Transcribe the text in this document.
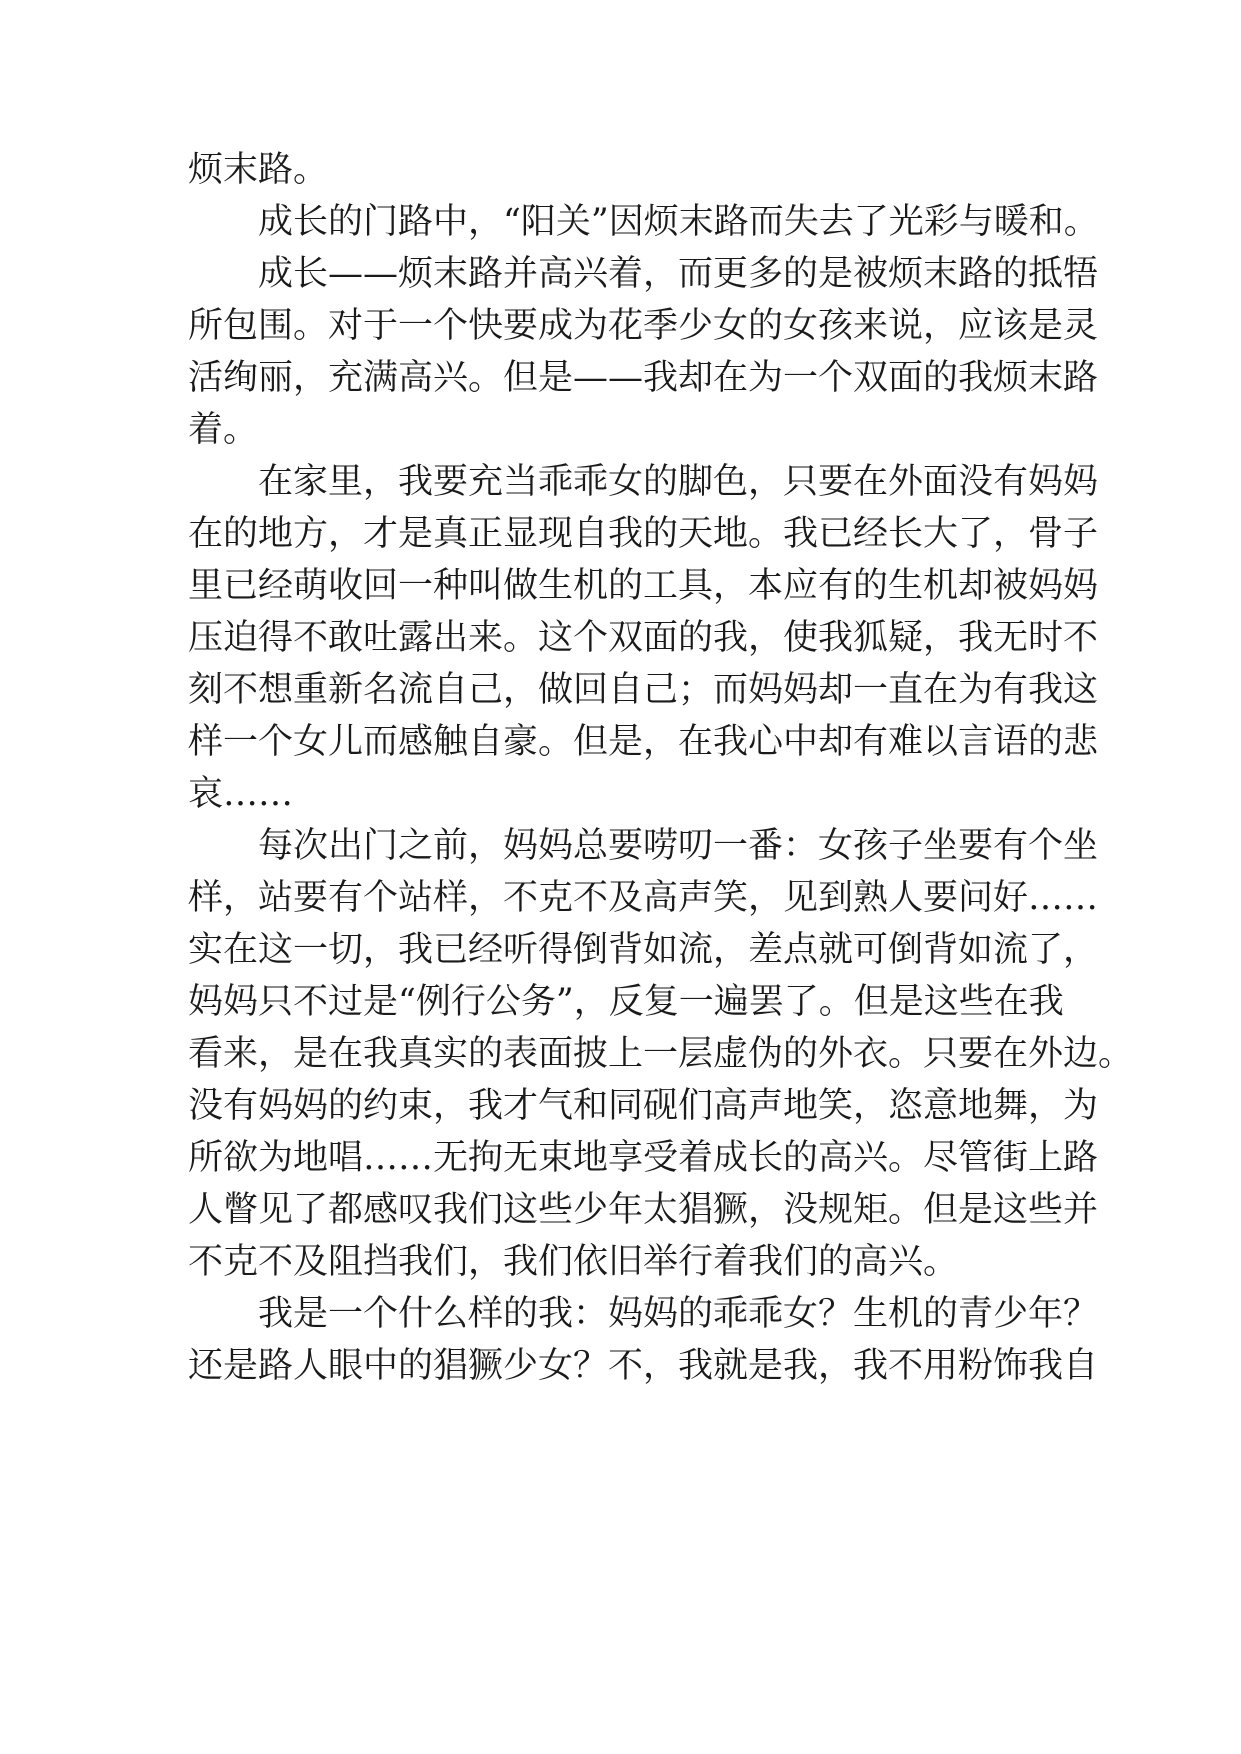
烦末路。
成长的门路中，“阳关”因烦末路而失去了光彩与暖和。
成长——烦末路并高兴着，而更多的是被烦末路的抵牾
所包围。对于一个快要成为花季少女的女孩来说，应该是灵
活绚丽，充满高兴。但是——我却在为一个双面的我烦末路
着。
在家里，我要充当乖乖女的脚色，只要在外面没有妈妈
在的地方，才是真正显现自我的天地。我已经长大了，骨子
里已经萌收回一种叫做生机的工具，本应有的生机却被妈妈
压迫得不敢吐露出来。这个双面的我，使我狐疑，我无时不
刻不想重新名流自己，做回自己；而妈妈却一直在为有我这
样一个女儿而感触自豪。但是，在我心中却有难以言语的悲
哀……
每次出门之前，妈妈总要唠叨一番：女孩子坐要有个坐
样，站要有个站样，不克不及高声笑，见到熟人要问好……
实在这一切，我已经听得倒背如流，差点就可倒背如流了，
妈妈只不过是“例行公务”，反复一遍罢了。但是这些在我
看来，是在我真实的表面披上一层虚伪的外衣。只要在外边。
没有妈妈的约束，我才气和同砚们高声地笑，恣意地舞，为
所欲为地唱……无拘无束地享受着成长的高兴。尽管街上路
人瞥见了都感叹我们这些少年太猖獗，没规矩。但是这些并
不克不及阻挡我们，我们依旧举行着我们的高兴。
我是一个什么样的我：妈妈的乖乖女？生机的青少年？
还是路人眼中的猖獗少女？不，我就是我，我不用粉饰我自
